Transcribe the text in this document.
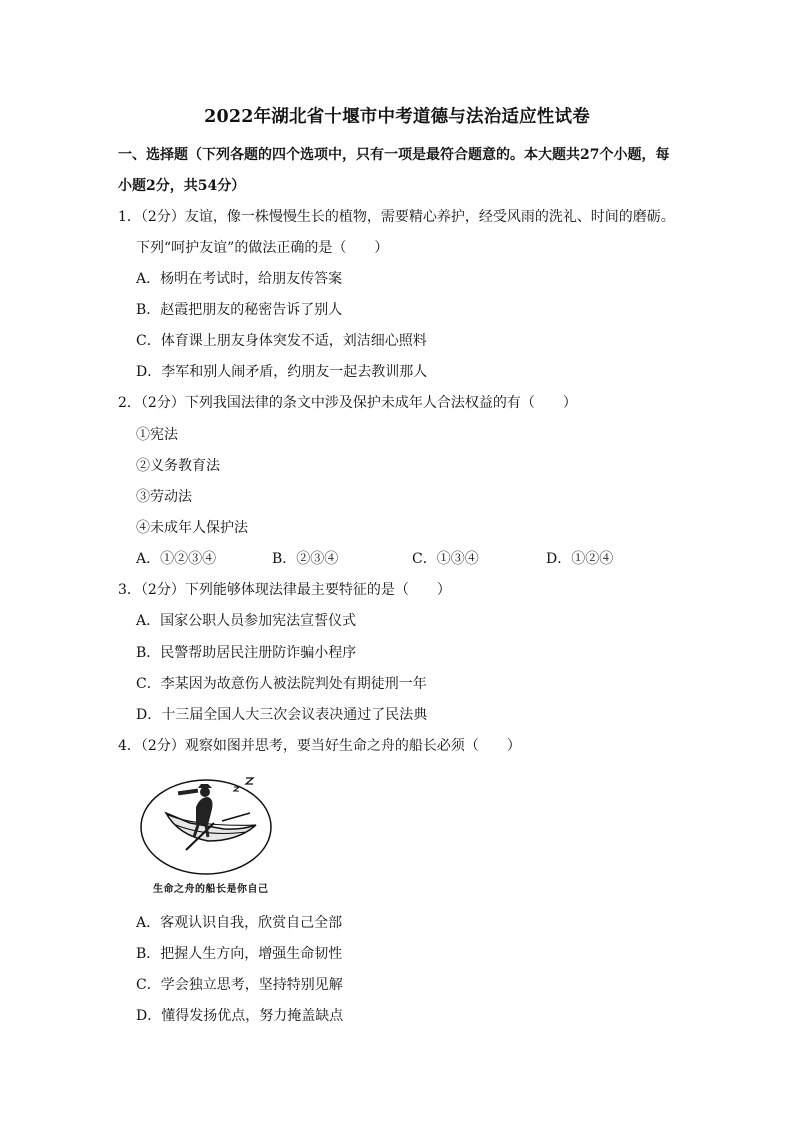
2022年湖北省十堰市中考道德与法治适应性试卷
一、选择题（下列各题的四个选项中，只有一项是最符合题意的。本大题共27个小题，每
小题2分，共54分）
1．（2分）友谊，像一株慢慢生长的植物，需要精心养护，经受风雨的洗礼、时间的磨砺。
下列“呵护友谊”的做法正确的是（　　）
A．杨明在考试时，给朋友传答案
B．赵霞把朋友的秘密告诉了别人
C．体育课上朋友身体突发不适，刘洁细心照料
D．李军和别人闹矛盾，约朋友一起去教训那人
2．（2分）下列我国法律的条文中涉及保护未成年人合法权益的有（　　）
①宪法
②义务教育法
③劳动法
④未成年人保护法
A．①②③④	B．②③④	C．①③④	D．①②④
3．（2分）下列能够体现法律最主要特征的是（　　）
A．国家公职人员参加宪法宣誓仪式
B．民警帮助居民注册防诈骗小程序
C．李某因为故意伤人被法院判处有期徒刑一年
D．十三届全国人大三次会议表决通过了民法典
4．（2分）观察如图并思考，要当好生命之舟的船长必须（　　）
生命之舟的船长是你自己
A．客观认识自我，欣赏自己全部
B．把握人生方向，增强生命韧性
C．学会独立思考，坚持特别见解
D．懂得发扬优点，努力掩盖缺点
